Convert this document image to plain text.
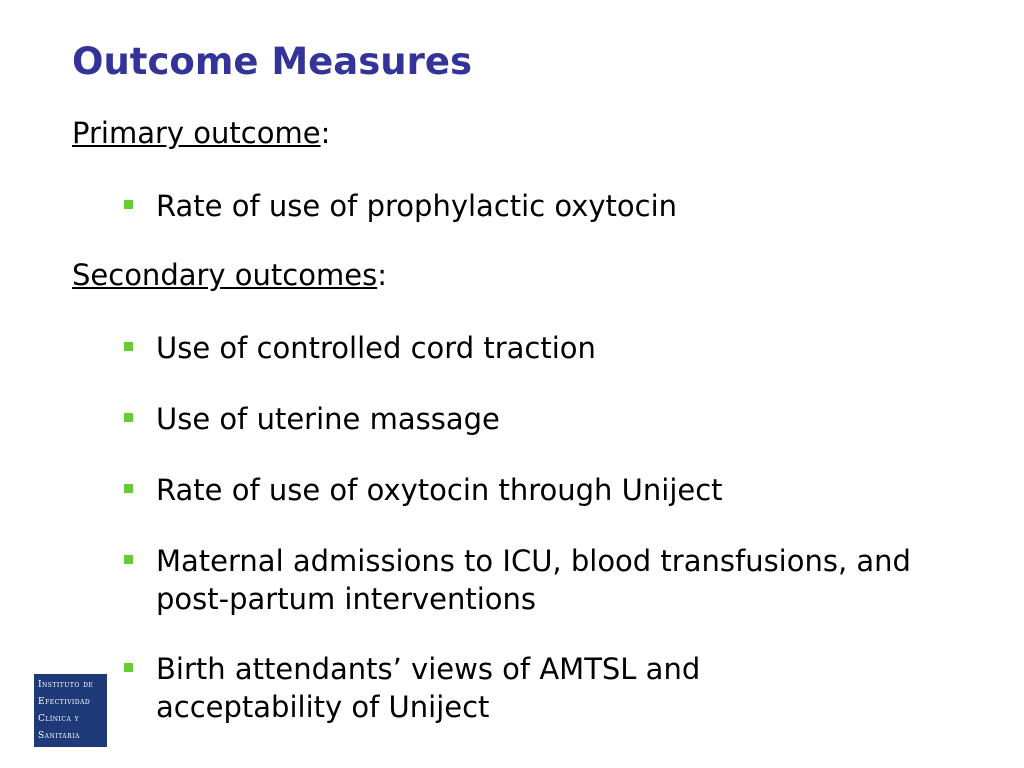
Outcome Measures

Primary outcome:

Rate of use of prophylactic oxytocin

Secondary outcomes:

Use of controlled cord traction
Use of uterine massage
Rate of use of oxytocin through Uniject
Maternal admissions to ICU, blood transfusions, and post-partum interventions
Birth attendants’ views of AMTSL and acceptability of Uniject
Instituto de
Efectividad
Clínica y
Sanitaria
